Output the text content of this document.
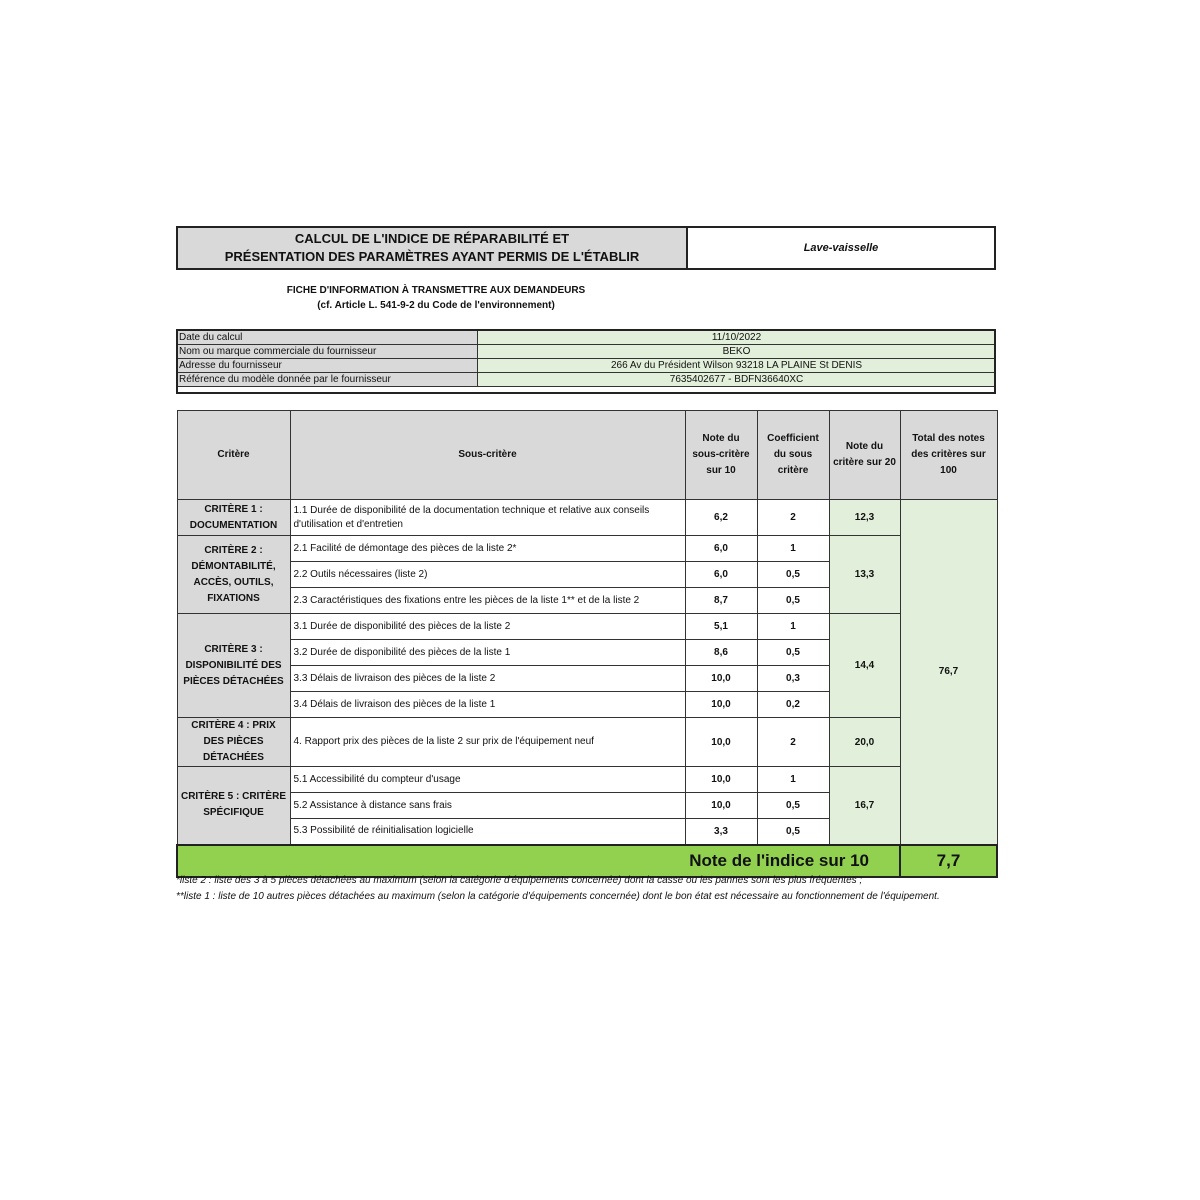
CALCUL DE L'INDICE DE RÉPARABILITÉ ET
PRÉSENTATION DES PARAMÈTRES AYANT PERMIS DE L'ÉTABLIR
Lave-vaisselle
FICHE D'INFORMATION À TRANSMETTRE AUX DEMANDEURS
(cf. Article L. 541-9-2 du Code de l'environnement)
Date du calcul	11/10/2022
Nom ou marque commerciale du fournisseur	BEKO
Adresse du fournisseur	266 Av du Président Wilson 93218 LA PLAINE St DENIS
Référence du modèle donnée par le fournisseur	7635402677 - BDFN36640XC
Critère	Sous-critère	Note du sous-critère sur 10	Coefficient du sous critère	Note du critère sur 20	Total des notes des critères sur 100
CRITÈRE 1 : DOCUMENTATION	1.1 Durée de disponibilité de la documentation technique et relative aux conseils d'utilisation et d'entretien	6,2	2	12,3	76,7
CRITÈRE 2 : DÉMONTABILITÉ, ACCÈS, OUTILS, FIXATIONS	2.1 Facilité de démontage des pièces de la liste 2*	6,0	1	13,3	
	2.2 Outils nécessaires (liste 2)	6,0	0,5		
	2.3 Caractéristiques des fixations entre les pièces de la liste 1** et de la liste 2	8,7	0,5		
CRITÈRE 3 : DISPONIBILITÉ DES PIÈCES DÉTACHÉES	3.1 Durée de disponibilité des pièces de la liste 2	5,1	1	14,4	
	3.2 Durée de disponibilité des pièces de la liste 1	8,6	0,5		
	3.3 Délais de livraison des pièces de la liste 2	10,0	0,3		
	3.4 Délais de livraison des pièces de la liste 1	10,0	0,2		
CRITÈRE 4 : PRIX DES PIÈCES DÉTACHÉES	4. Rapport prix des pièces de la liste 2 sur prix de l'équipement neuf	10,0	2	20,0	
CRITÈRE 5 : CRITÈRE SPÉCIFIQUE	5.1 Accessibilité du compteur d'usage	10,0	1	16,7	
	5.2 Assistance à distance sans frais	10,0	0,5		
	5.3 Possibilité de réinitialisation logicielle	3,3	0,5		
Note de l'indice sur 10					7,7
*liste 2 : liste des 3 à 5 pièces détachées au maximum (selon la catégorie d'équipements concernée) dont la casse ou les pannes sont les plus fréquentes ;
**liste 1 : liste de 10 autres pièces détachées au maximum (selon la catégorie d'équipements concernée) dont le bon état est nécessaire au fonctionnement de l'équipement.
